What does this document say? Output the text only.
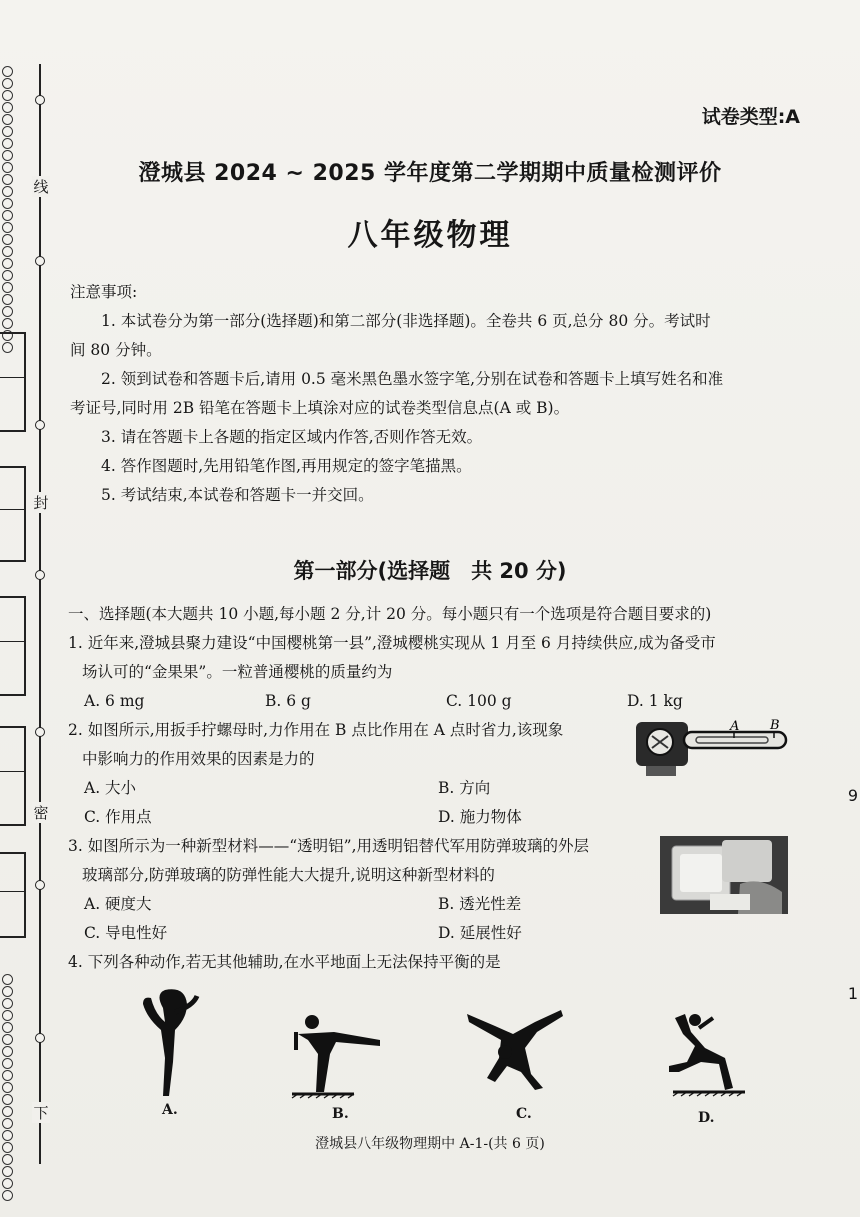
线
封
密
下
9
1
试卷类型:A
澄城县 2024 ~ 2025 学年度第二学期期中质量检测评价
八年级物理

注意事项:

1. 本试卷分为第一部分(选择题)和第二部分(非选择题)。全卷共 6 页,总分 80 分。考试时

间 80 分钟。

2. 领到试卷和答题卡后,请用 0.5 毫米黑色墨水签字笔,分别在试卷和答题卡上填写姓名和准

考证号,同时用 2B 铅笔在答题卡上填涂对应的试卷类型信息点(A 或 B)。

3. 请在答题卡上各题的指定区域内作答,否则作答无效。

4. 答作图题时,先用铅笔作图,再用规定的签字笔描黑。

5. 考试结束,本试卷和答题卡一并交回。

第一部分(选择题　共 20 分)

一、选择题(本大题共 10 小题,每小题 2 分,计 20 分。每小题只有一个选项是符合题目要求的)

1. 近年来,澄城县聚力建设“中国樱桃第一县”,澄城樱桃实现从 1 月至 6 月持续供应,成为备受市

场认可的“金果果”。一粒普通樱桃的质量约为

A. 6 mg	B. 6 g	C. 100 g	D. 1 kg

2. 如图所示,用扳手拧螺母时,力作用在 B 点比作用在 A 点时省力,该现象

中影响力的作用效果的因素是力的

A. 大小	B. 方向
C. 作用点	D. 施力物体

3. 如图所示为一种新型材料——“透明铝”,用透明铝替代军用防弹玻璃的外层

玻璃部分,防弹玻璃的防弹性能大大提升,说明这种新型材料的

A. 硬度大	B. 透光性差
C. 导电性好	D. 延展性好

4. 下列各种动作,若无其他辅助,在水平地面上无法保持平衡的是

A B
A.	B.	C.	D.
澄城县八年级物理期中 A-1-(共 6 页)
